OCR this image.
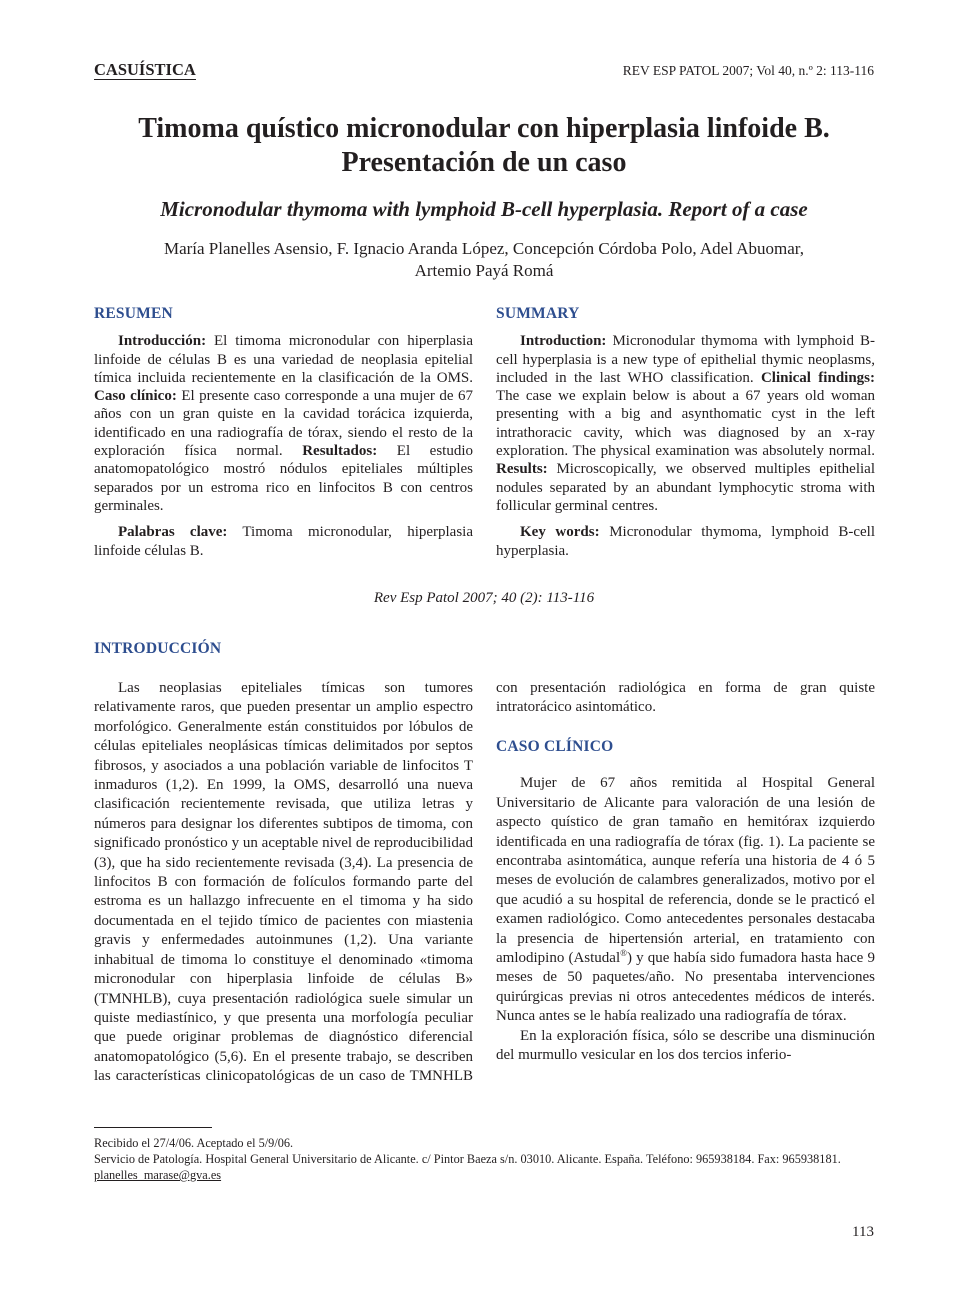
CASUÍSTICA	REV ESP PATOL 2007; Vol 40, n.º 2: 113-116
Timoma quístico micronodular con hiperplasia linfoide B.
Presentación de un caso
Micronodular thymoma with lymphoid B-cell hyperplasia. Report of a case
María Planelles Asensio, F. Ignacio Aranda López, Concepción Córdoba Polo, Adel Abuomar,
Artemio Payá Romá
RESUMEN

Introducción: El timoma micronodular con hiperplasia linfoide de células B es una variedad de neoplasia epitelial tímica incluida recientemente en la clasificación de la OMS. Caso clínico: El presente caso corresponde a una mujer de 67 años con un gran quiste en la cavidad torácica izquierda, identificado en una radiografía de tórax, siendo el resto de la exploración física normal. Resultados: El estudio anatomopatológico mostró nódulos epiteliales múltiples separados por un estroma rico en linfocitos B con centros germinales.

Palabras clave: Timoma micronodular, hiperplasia linfoide células B.

SUMMARY

Introduction: Micronodular thymoma with lymphoid B-cell hyperplasia is a new type of epithelial thymic neoplasms, included in the last WHO classification. Clinical findings: The case we explain below is about a 67 years old woman presenting with a big and asynthomatic cyst in the left intrathoracic cavity, which was diagnosed by an x-ray exploration. The physical examination was absolutely normal. Results: Microscopically, we observed multiples epithelial nodules separated by an abundant lymphocytic stroma with follicular germinal centres.

Key words: Micronodular thymoma, lymphoid B-cell hyperplasia.

Rev Esp Patol 2007; 40 (2): 113-116
INTRODUCCIÓN

Las neoplasias epiteliales tímicas son tumores relativamente raros, que pueden presentar un amplio espectro morfológico. Generalmente están constituidos por lóbulos de células epiteliales neoplásicas tímicas delimitados por septos fibrosos, y asociados a una población variable de linfocitos T inmaduros (1,2). En 1999, la OMS, desarrolló una nueva clasificación recientemente revisada, que utiliza letras y números para designar los diferentes subtipos de timoma, con significado pronóstico y un aceptable nivel de reproducibilidad (3), que ha sido recientemente revisada (3,4). La presencia de linfocitos B con formación de folículos formando parte del estroma es un hallazgo infrecuente en el timoma y ha sido documentada en el tejido tímico de pacientes con miastenia gravis y enfermedades autoinmunes (1,2). Una variante inhabitual de timoma lo constituye el denominado «timoma micronodular con hiperplasia linfoide de células B» (TMNHLB), cuya presentación radiológica suele simular un quiste mediastínico, y que presenta una morfología peculiar que puede originar problemas de diagnóstico diferencial anatomopatológico (5,6). En el presente trabajo, se describen las características clinicopatológicas de un caso de TMNHLB con presentación radiológica en forma de gran quiste intratorácico asintomático.

CASO CLÍNICO

Mujer de 67 años remitida al Hospital General Universitario de Alicante para valoración de una lesión de aspecto quístico de gran tamaño en hemitórax izquierdo identificada en una radiografía de tórax (fig. 1). La paciente se encontraba asintomática, aunque refería una historia de 4 ó 5 meses de evolución de calambres generalizados, motivo por el que acudió a su hospital de referencia, donde se le practicó el examen radiológico. Como antecedentes personales destacaba la presencia de hipertensión arterial, en tratamiento con amlodipino (Astudal®) y que había sido fumadora hasta hace 9 meses de 50 paquetes/año. No presentaba intervenciones quirúrgicas previas ni otros antecedentes médicos de interés. Nunca antes se le había realizado una radiografía de tórax.

En la exploración física, sólo se describe una disminución del murmullo vesicular en los dos tercios inferio-

Recibido el 27/4/06. Aceptado el 5/9/06.
Servicio de Patología. Hospital General Universitario de Alicante. c/ Pintor Baeza s/n. 03010. Alicante. España. Teléfono: 965938184. Fax: 965938181.
planelles_marase@gva.es
113
